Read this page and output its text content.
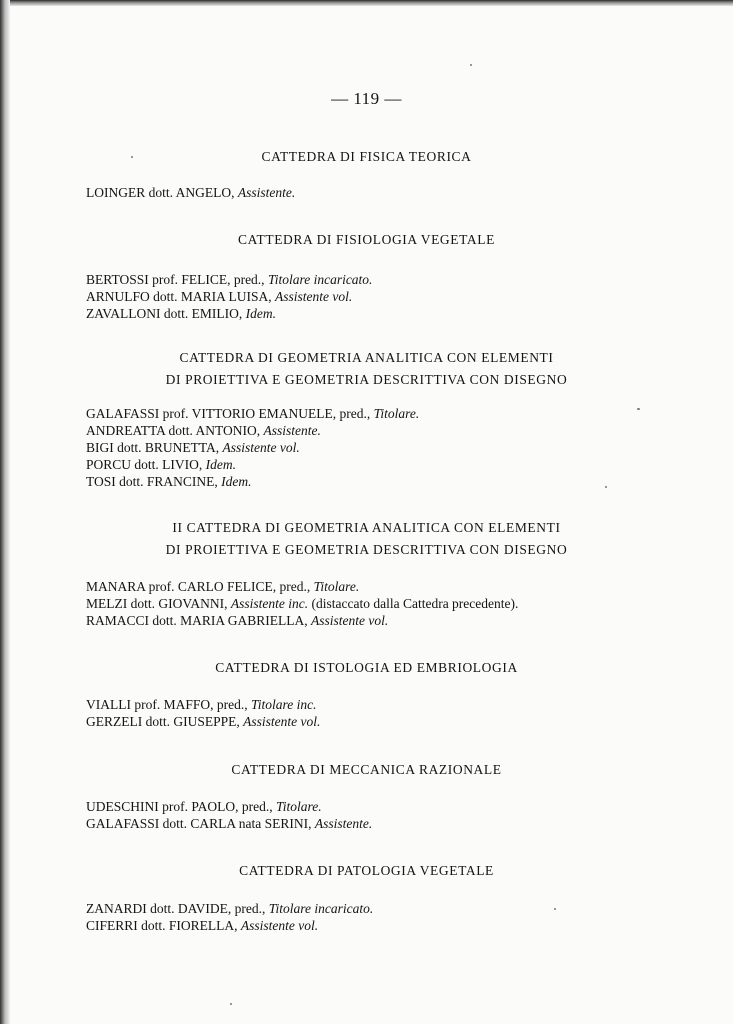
— 119 —
CATTEDRA DI FISICA TEORICA
LOINGER dott. ANGELO, Assistente.
CATTEDRA DI FISIOLOGIA VEGETALE
BERTOSSI prof. FELICE, pred., Titolare incaricato.
ARNULFO dott. MARIA LUISA, Assistente vol.
ZAVALLONI dott. EMILIO, Idem.
CATTEDRA DI GEOMETRIA ANALITICA CON ELEMENTI
DI PROIETTIVA E GEOMETRIA DESCRITTIVA CON DISEGNO
GALAFASSI prof. VITTORIO EMANUELE, pred., Titolare.
ANDREATTA dott. ANTONIO, Assistente.
BIGI dott. BRUNETTA, Assistente vol.
PORCU dott. LIVIO, Idem.
TOSI dott. FRANCINE, Idem.
II CATTEDRA DI GEOMETRIA ANALITICA CON ELEMENTI
DI PROIETTIVA E GEOMETRIA DESCRITTIVA CON DISEGNO
MANARA prof. CARLO FELICE, pred., Titolare.
MELZI dott. GIOVANNI, Assistente inc. (distaccato dalla Cattedra precedente).
RAMACCI dott. MARIA GABRIELLA, Assistente vol.
CATTEDRA DI ISTOLOGIA ED EMBRIOLOGIA
VIALLI prof. MAFFO, pred., Titolare inc.
GERZELI dott. GIUSEPPE, Assistente vol.
CATTEDRA DI MECCANICA RAZIONALE
UDESCHINI prof. PAOLO, pred., Titolare.
GALAFASSI dott. CARLA nata SERINI, Assistente.
CATTEDRA DI PATOLOGIA VEGETALE
ZANARDI dott. DAVIDE, pred., Titolare incaricato.
CIFERRI dott. FIORELLA, Assistente vol.
